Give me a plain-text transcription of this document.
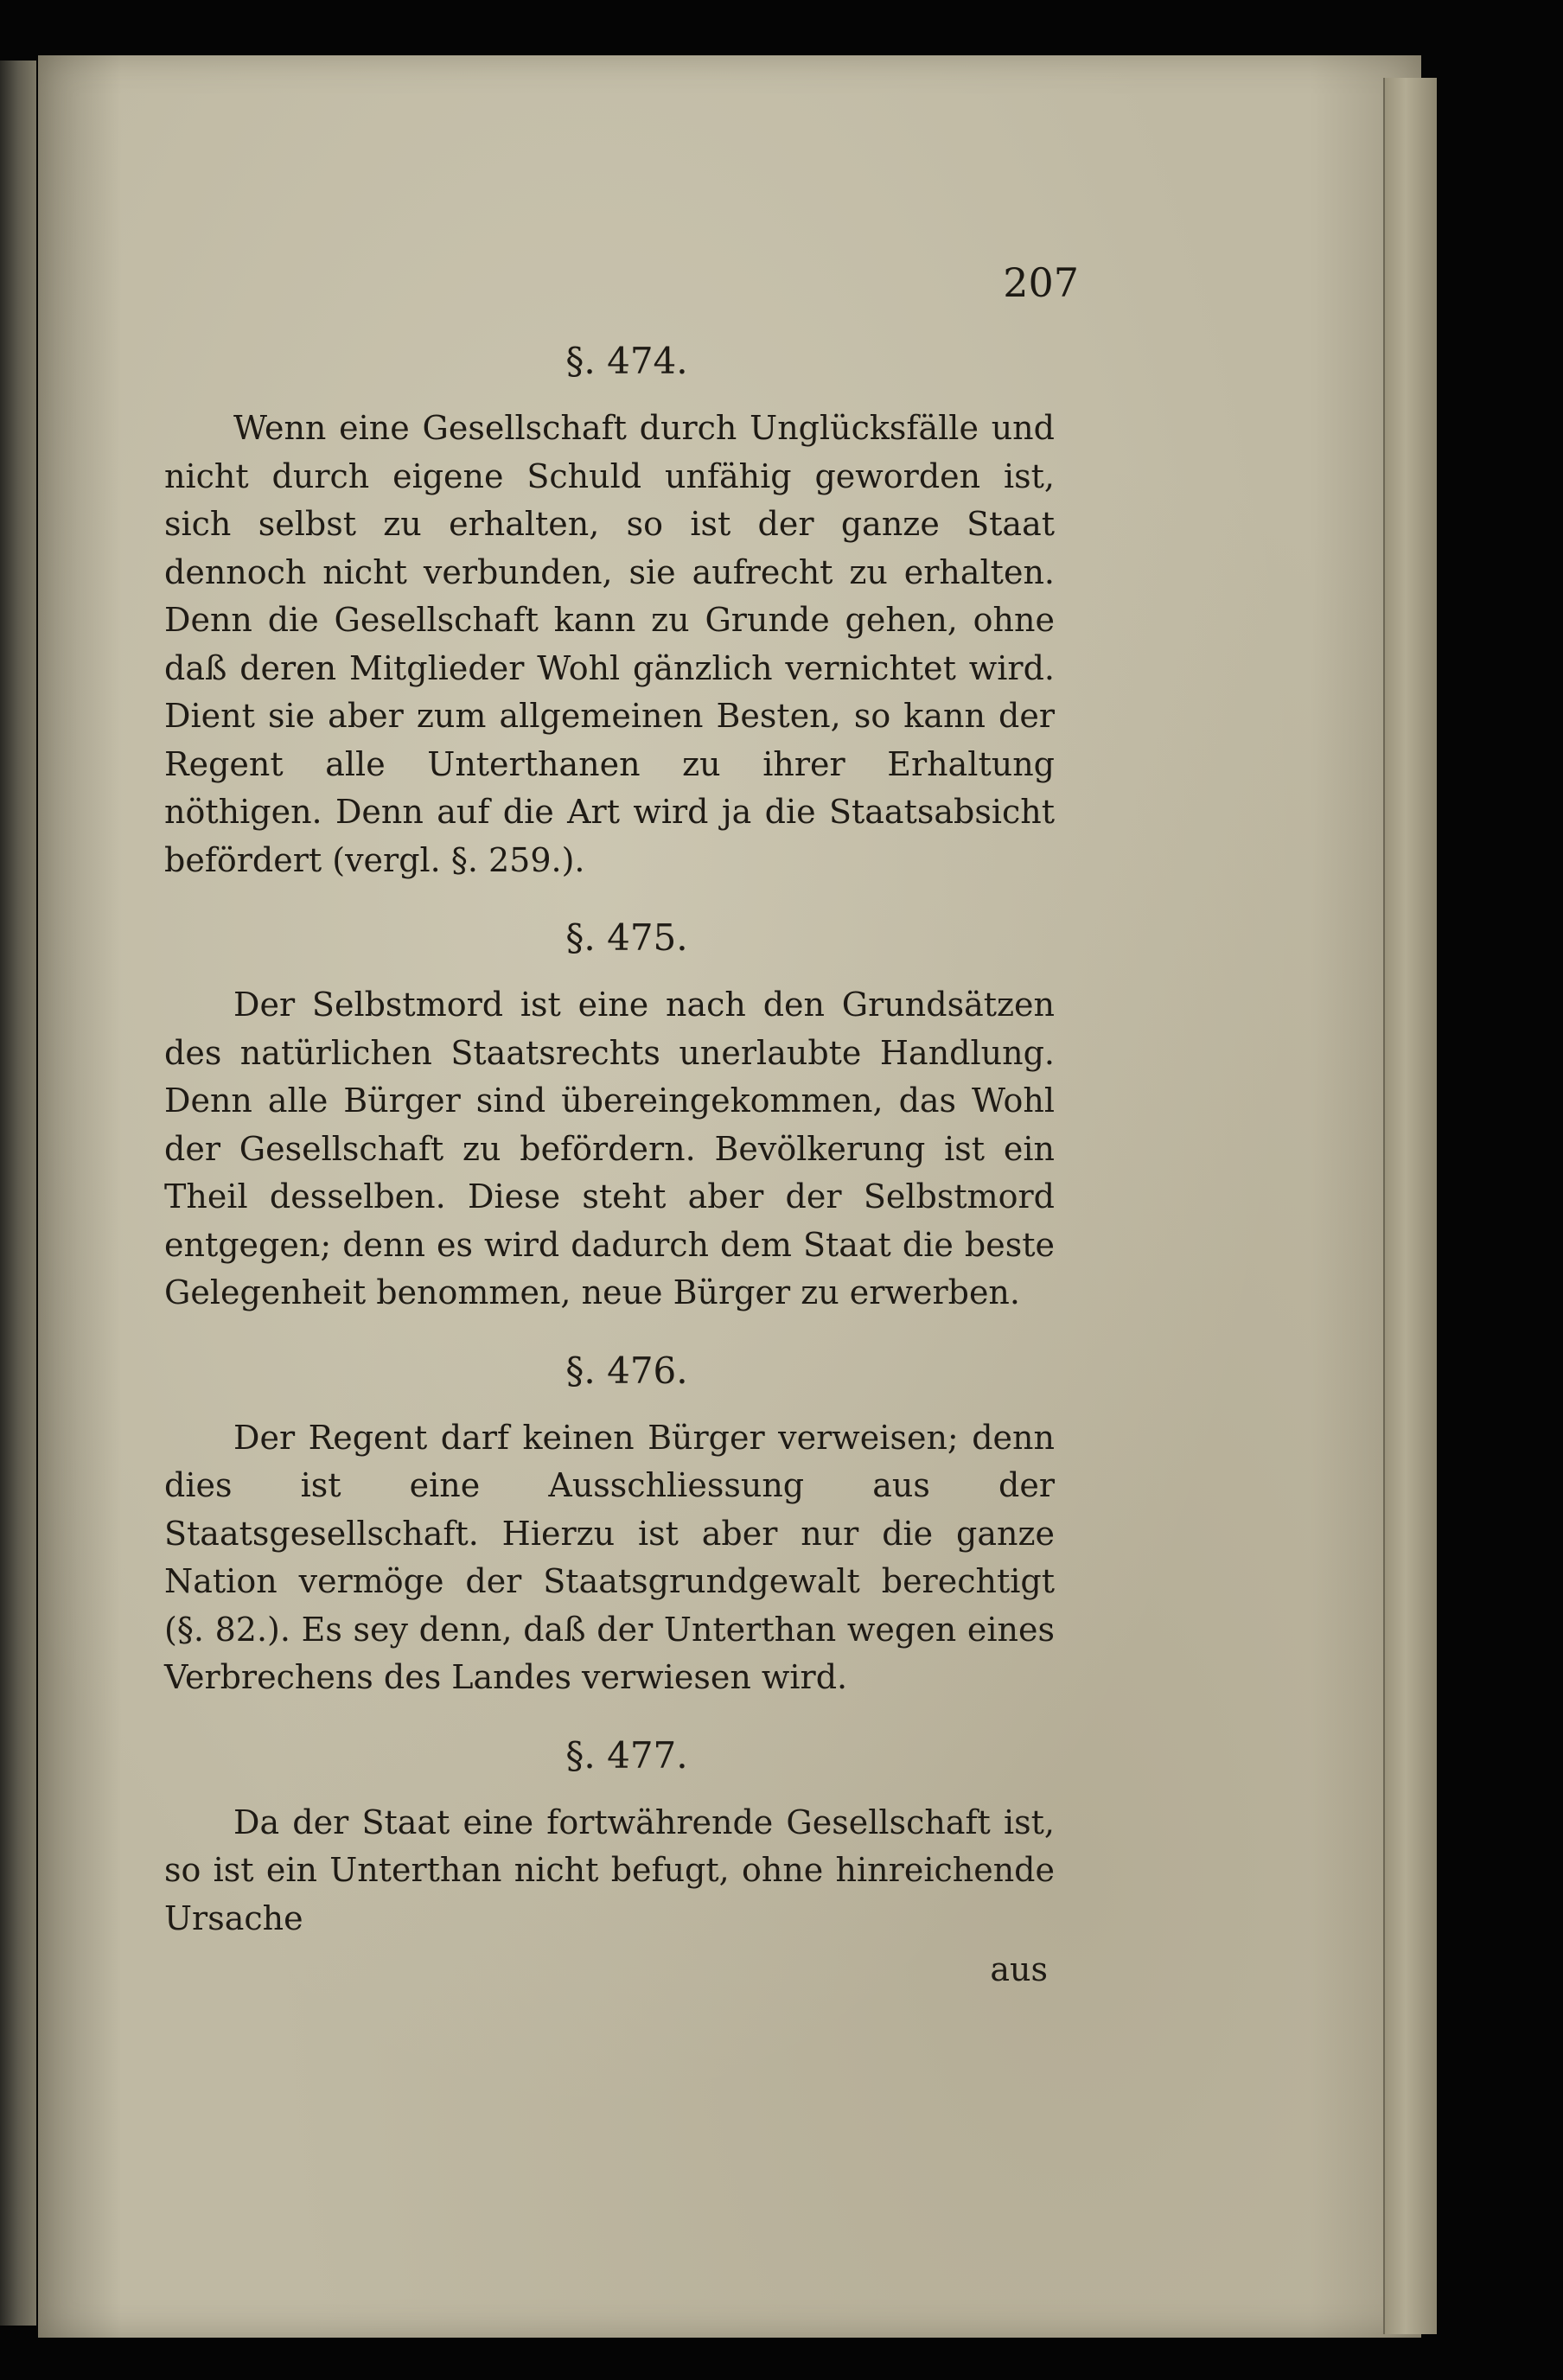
207
§. 474.

Wenn eine Gesellschaft durch Unglücksfälle und nicht durch eigene Schuld unfähig geworden ist, sich selbst zu erhalten, so ist der ganze Staat dennoch nicht verbunden, sie aufrecht zu erhalten. Denn die Gesellschaft kann zu Grunde gehen, ohne daß deren Mitglieder Wohl gänzlich vernichtet wird. Dient sie aber zum allgemeinen Besten, so kann der Regent alle Unterthanen zu ihrer Erhaltung nöthigen. Denn auf die Art wird ja die Staatsabsicht befördert (vergl. §. 259.).

§. 475.

Der Selbstmord ist eine nach den Grundsätzen des natürlichen Staatsrechts unerlaubte Handlung. Denn alle Bürger sind übereingekommen, das Wohl der Gesellschaft zu befördern. Bevölkerung ist ein Theil desselben. Diese steht aber der Selbstmord entgegen; denn es wird dadurch dem Staat die beste Gelegenheit benommen, neue Bürger zu erwerben.

§. 476.

Der Regent darf keinen Bürger verweisen; denn dies ist eine Ausschliessung aus der Staatsgesellschaft. Hierzu ist aber nur die ganze Nation vermöge der Staatsgrundgewalt berechtigt (§. 82.). Es sey denn, daß der Unterthan wegen eines Verbrechens des Landes verwiesen wird.

§. 477.

Da der Staat eine fortwährende Gesellschaft ist, so ist ein Unterthan nicht befugt, ohne hinreichende Ursache

aus
